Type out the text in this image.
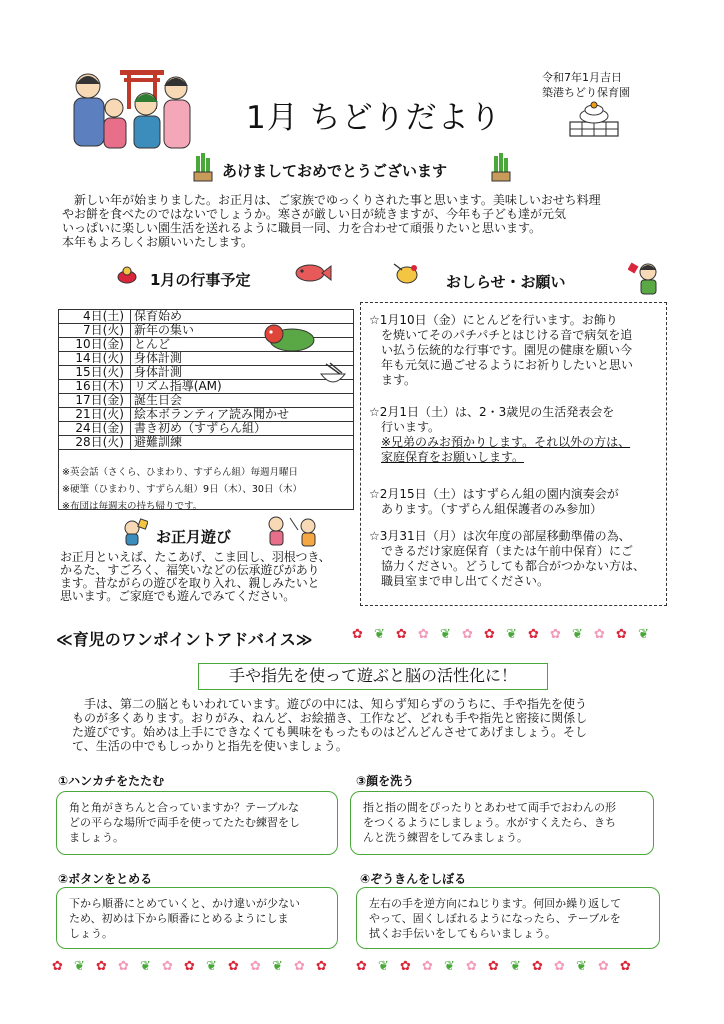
1月 ちどりだより
令和7年1月吉日
築港ちどり保育園
あけましておめでとうございます

新しい年が始まりました。お正月は、ご家族でゆっくりされた事と思います。美味しいおせち料理

やお餅を食べたのではないでしょうか。寒さが厳しい日が続きますが、今年も子ども達が元気

いっぱいに楽しい園生活を送れるように職員一同、力を合わせて頑張りたいと思います。

本年もよろしくお願いいたします。

1月の行事予定
4日(土)	保育始め
7日(火)	新年の集い
10日(金)	とんど
14日(火)	身体計測
15日(火)	身体計測
16日(木)	リズム指導(AM)
17日(金)	誕生日会
21日(火)	絵本ボランティア読み聞かせ
24日(金)	書き初め（すずらん組）
28日(火)	避難訓練
※英会話（さくら、ひまわり、すずらん組）毎週月曜日
※硬筆（ひまわり、すずらん組）9日（木）、30日（木）
※布団は毎週末の持ち帰りです。
お正月遊び
お正月といえば、たこあげ、こま回し、羽根つき、
かるた、すごろく、福笑いなどの伝承遊びがあり
ます。昔ながらの遊びを取り入れ、親しみたいと
思います。ご家庭でも遊んでみてください。
おしらせ・お願い
☆1月10日（金）にとんどを行います。お飾り
を焼いてそのパチパチとはじける音で病気を追
い払う伝統的な行事です。園児の健康を願い今
年も元気に過ごせるようにお祈りしたいと思い
ます。
☆2月1日（土）は、2・3歳児の生活発表会を
行います。
※兄弟のみお預かりします。それ以外の方は、
家庭保育をお願いします。
☆2月15日（土）はすずらん組の園内演奏会が
あります。（すずらん組保護者のみ参加）
☆3月31日（月）は次年度の部屋移動準備の為、
できるだけ家庭保育（または午前中保育）にご
協力ください。どうしても都合がつかない方は、
職員室まで申し出てください。
≪育児のワンポイントアドバイス≫	✿ ❦ ✿ ✿ ❦ ✿ ✿ ❦ ✿ ✿ ❦ ✿ ✿ ❦
手や指先を使って遊ぶと脳の活性化に！
手は、第二の脳ともいわれています。遊びの中には、知らず知らずのうちに、手や指先を使う
ものが多くあります。おりがみ、ねんど、お絵描き、工作など、どれも手や指先と密接に関係し
た遊びです。始めは上手にできなくても興味をもったものはどんどんさせてあげましょう。そし
て、生活の中でもしっかりと指先を使いましょう。
①ハンカチをたたむ
角と角がきちんと合っていますか？テーブルな
どの平らな場所で両手を使ってたたむ練習をし
ましょう。
③顔を洗う
指と指の間をぴったりとあわせて両手でおわんの形
をつくるようにしましょう。水がすくえたら、きち
んと洗う練習をしてみましょう。
②ボタンをとめる
下から順番にとめていくと、かけ違いが少ない
ため、初めは下から順番にとめるようにしま
しょう。
④ぞうきんをしぼる
左右の手を逆方向にねじります。何回か繰り返して
やって、固くしぼれるようになったら、テーブルを
拭くお手伝いをしてもらいましょう。
✿ ❦ ✿ ✿ ❦ ✿ ✿ ❦ ✿ ✿ ❦ ✿ ✿ ✿ ❦ ✿ ✿ ❦ ✿ ✿ ❦ ✿ ✿ ❦ ✿ ✿
